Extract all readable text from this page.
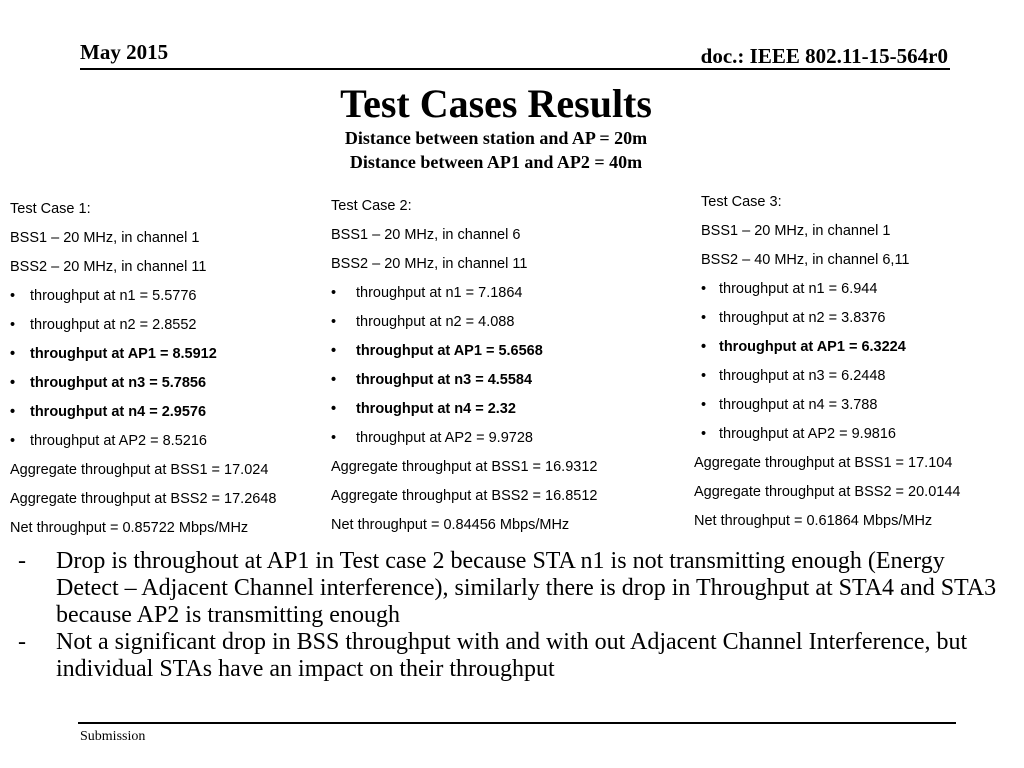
May 2015	doc.: IEEE 802.11-15-564r0
Test Cases Results
Distance between station and AP = 20m
Distance between AP1 and AP2 = 40m
Test Case 1:
BSS1 – 20 MHz, in channel 1
BSS2 – 20 MHz, in channel 11
• throughput at n1 = 5.5776
• throughput at n2 = 2.8552
• throughput at AP1 = 8.5912
• throughput at n3 = 5.7856
• throughput at n4 = 2.9576
• throughput at AP2 = 8.5216
Aggregate throughput at BSS1 = 17.024
Aggregate throughput at BSS2 = 17.2648
Net throughput = 0.85722 Mbps/MHz
Test Case 2:
BSS1 – 20 MHz, in channel 6
BSS2 – 20 MHz, in channel 11
• throughput at n1 = 7.1864
• throughput at n2 = 4.088
• throughput at AP1 = 5.6568
• throughput at n3 = 4.5584
• throughput at n4 = 2.32
• throughput at AP2 = 9.9728
Aggregate throughput at BSS1 = 16.9312
Aggregate throughput at BSS2 = 16.8512
Net throughput = 0.84456 Mbps/MHz
Test Case 3:
BSS1 – 20 MHz, in channel 1
BSS2 – 40 MHz, in channel 6,11
• throughput at n1 = 6.944
• throughput at n2 = 3.8376
• throughput at AP1 = 6.3224
• throughput at n3 = 6.2448
• throughput at n4 = 3.788
• throughput at AP2 = 9.9816
Aggregate throughput at BSS1 = 17.104
Aggregate throughput at BSS2 = 20.0144
Net throughput = 0.61864 Mbps/MHz
-	Drop is throughout at AP1 in Test case 2 because STA n1 is not transmitting enough (Energy Detect – Adjacent Channel interference), similarly there is drop in Throughput at STA4 and STA3 because AP2 is transmitting enough
-	Not a significant drop in BSS throughput with and with out Adjacent Channel Interference, but individual STAs have an impact on their throughput
Submission
